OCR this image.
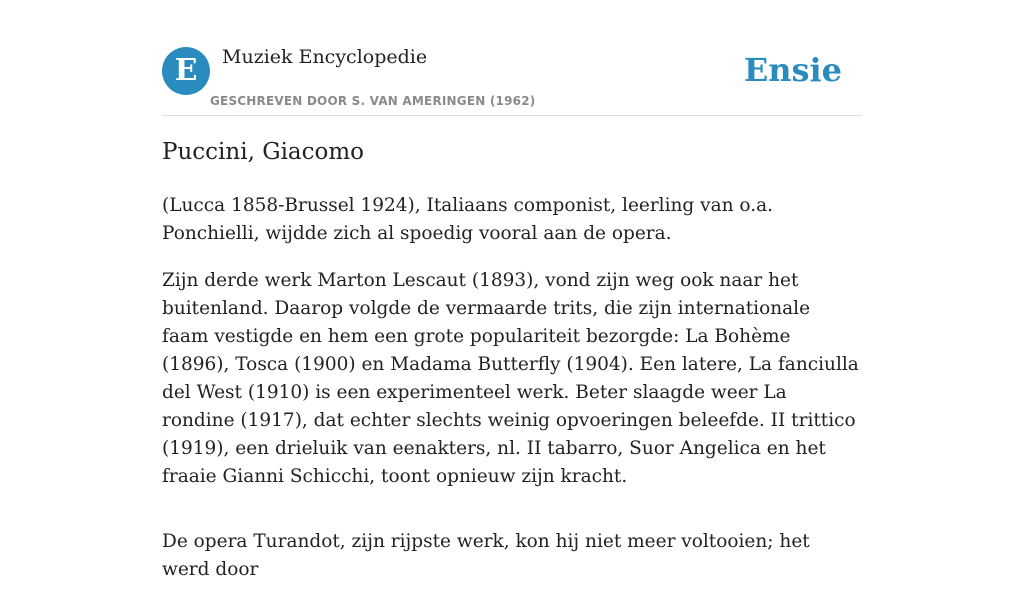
E	Muziek Encyclopedie
GESCHREVEN DOOR S. VAN AMERINGEN (1962)
Ensie
Puccini, Giacomo

(Lucca 1858-Brussel 1924), Italiaans componist, leerling van o.a. Ponchielli, wijdde zich al spoedig vooral aan de opera.

Zijn derde werk Marton Lescaut (1893), vond zijn weg ook naar het buitenland. Daarop volgde de vermaarde trits, die zijn internationale faam vestigde en hem een grote populariteit bezorgde: La Bohème (1896), Tosca (1900) en Madama Butterfly (1904). Een latere, La fanciulla del West (1910) is een experimenteel werk. Beter slaagde weer La rondine (1917), dat echter slechts weinig opvoeringen beleefde. II trittico (1919), een drieluik van eenakters, nl. II tabarro, Suor Angelica en het fraaie Gianni Schicchi, toont opnieuw zijn kracht.

De opera Turandot, zijn rijpste werk, kon hij niet meer voltooien; het werd door
